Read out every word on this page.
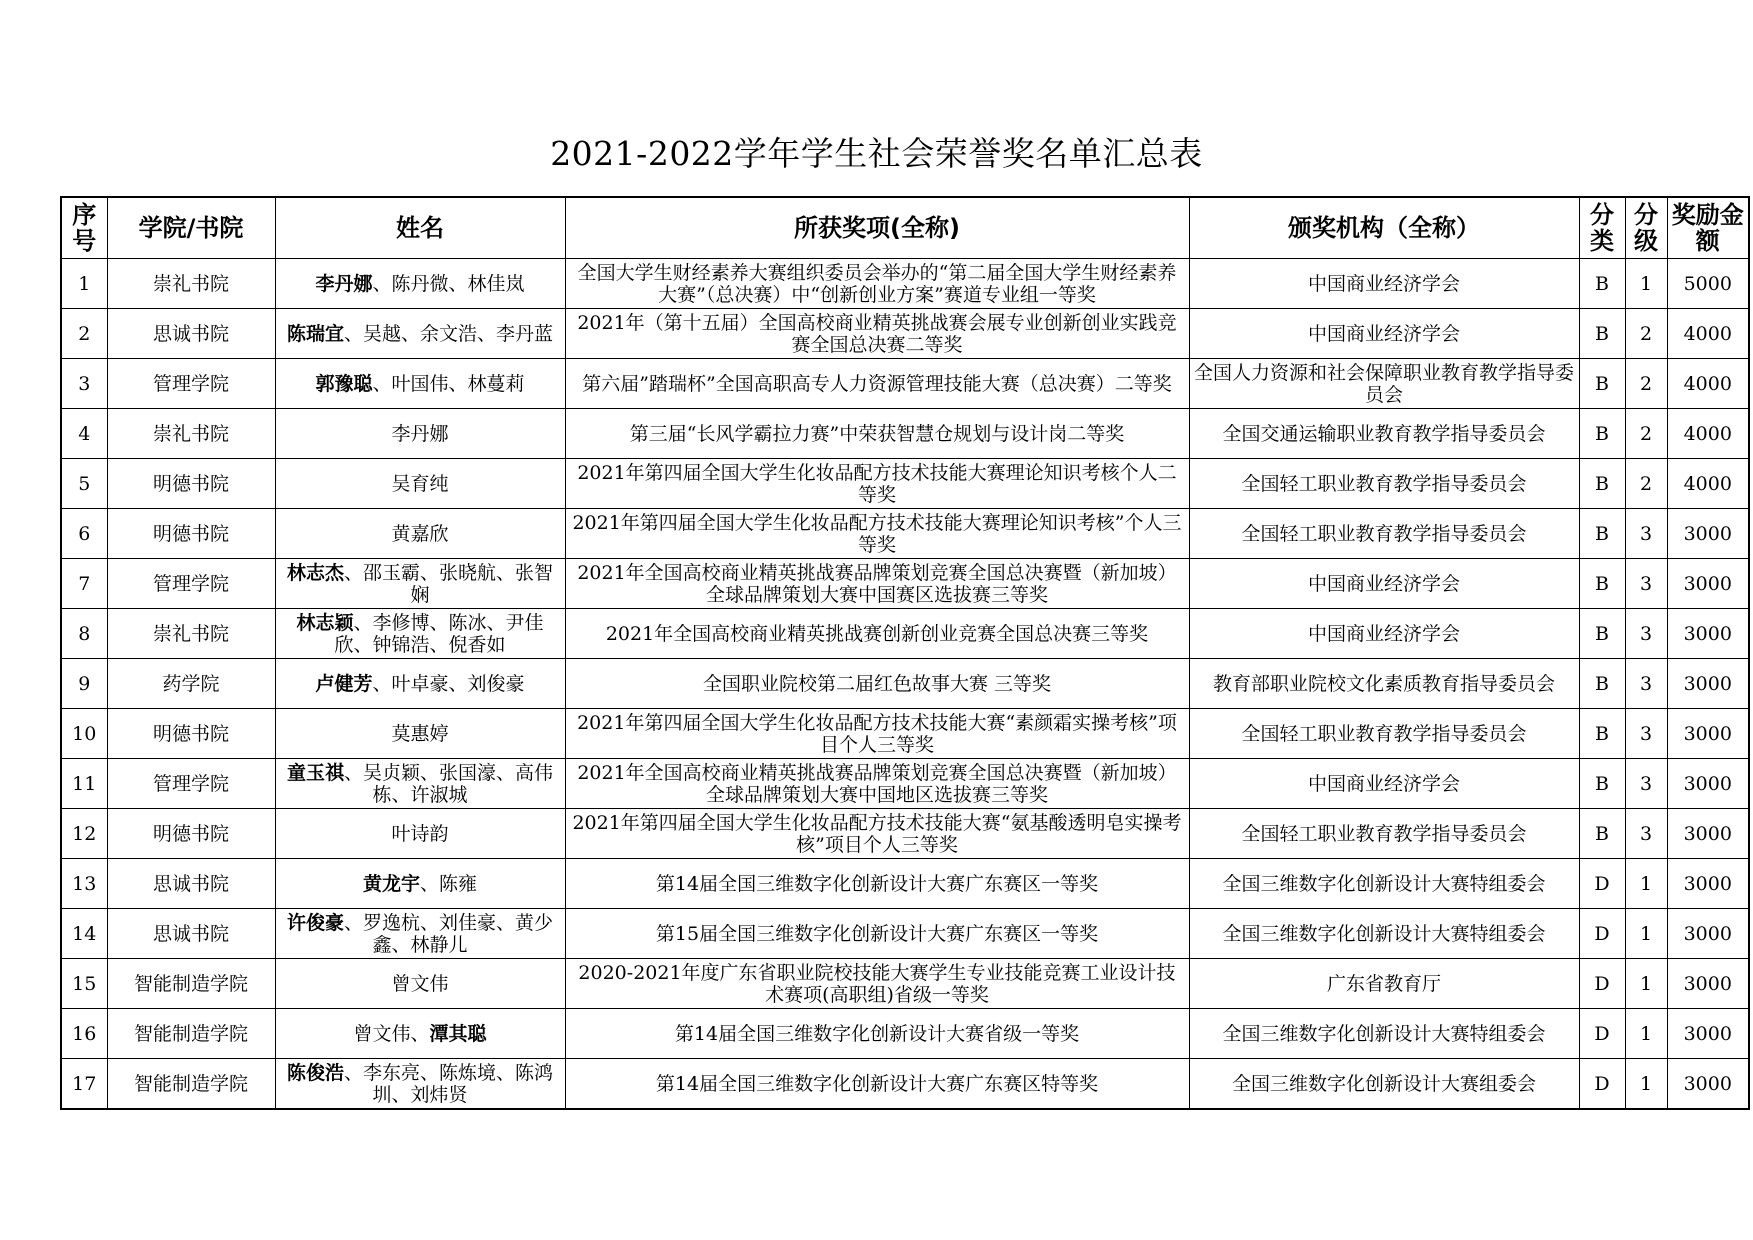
2021-2022学年学生社会荣誉奖名单汇总表
序号	学院/书院	姓名	所获奖项(全称)	颁奖机构（全称）	分类	分级	奖励金额
1	崇礼书院	李丹娜、陈丹微、林佳岚	全国大学生财经素养大赛组织委员会举办的“第二届全国大学生财经素养大赛”（总决赛）中“创新创业方案”赛道专业组一等奖	中国商业经济学会	B	1	5000
2	思诚书院	陈瑞宜、吴越、余文浩、李丹蓝	2021年（第十五届）全国高校商业精英挑战赛会展专业创新创业实践竞赛全国总决赛二等奖	中国商业经济学会	B	2	4000
3	管理学院	郭豫聪、叶国伟、林蔓莉	第六届”踏瑞杯”全国高职高专人力资源管理技能大赛（总决赛）二等奖	全国人力资源和社会保障职业教育教学指导委员会	B	2	4000
4	崇礼书院	李丹娜	第三届“长风学霸拉力赛”中荣获智慧仓规划与设计岗二等奖	全国交通运输职业教育教学指导委员会	B	2	4000
5	明德书院	吴育纯	2021年第四届全国大学生化妆品配方技术技能大赛理论知识考核个人二等奖	全国轻工职业教育教学指导委员会	B	2	4000
6	明德书院	黄嘉欣	2021年第四届全国大学生化妆品配方技术技能大赛理论知识考核”个人三等奖	全国轻工职业教育教学指导委员会	B	3	3000
7	管理学院	林志杰、邵玉霸、张晓航、张智娴	2021年全国高校商业精英挑战赛品牌策划竞赛全国总决赛暨（新加坡）全球品牌策划大赛中国赛区选拔赛三等奖	中国商业经济学会	B	3	3000
8	崇礼书院	林志颖、李修博、陈冰、尹佳欣、钟锦浩、倪香如	2021年全国高校商业精英挑战赛创新创业竞赛全国总决赛三等奖	中国商业经济学会	B	3	3000
9	药学院	卢健芳、叶卓豪、刘俊豪	全国职业院校第二届红色故事大赛 三等奖	教育部职业院校文化素质教育指导委员会	B	3	3000
10	明德书院	莫惠婷	2021年第四届全国大学生化妆品配方技术技能大赛“素颜霜实操考核”项目个人三等奖	全国轻工职业教育教学指导委员会	B	3	3000
11	管理学院	童玉祺、吴贞颖、张国濠、高伟栋、许淑城	2021年全国高校商业精英挑战赛品牌策划竞赛全国总决赛暨（新加坡）全球品牌策划大赛中国地区选拔赛三等奖	中国商业经济学会	B	3	3000
12	明德书院	叶诗韵	2021年第四届全国大学生化妆品配方技术技能大赛“氨基酸透明皂实操考核”项目个人三等奖	全国轻工职业教育教学指导委员会	B	3	3000
13	思诚书院	黄龙宇、陈雍	第14届全国三维数字化创新设计大赛广东赛区一等奖	全国三维数字化创新设计大赛特组委会	D	1	3000
14	思诚书院	许俊豪、罗逸杭、刘佳豪、黄少鑫、林静儿	第15届全国三维数字化创新设计大赛广东赛区一等奖	全国三维数字化创新设计大赛特组委会	D	1	3000
15	智能制造学院	曾文伟	2020-2021年度广东省职业院校技能大赛学生专业技能竞赛工业设计技术赛项(高职组)省级一等奖	广东省教育厅	D	1	3000
16	智能制造学院	曾文伟、潭其聪	第14届全国三维数字化创新设计大赛省级一等奖	全国三维数字化创新设计大赛特组委会	D	1	3000
17	智能制造学院	陈俊浩、李东亮、陈炼境、陈鸿圳、刘炜贤	第14届全国三维数字化创新设计大赛广东赛区特等奖	全国三维数字化创新设计大赛组委会	D	1	3000
